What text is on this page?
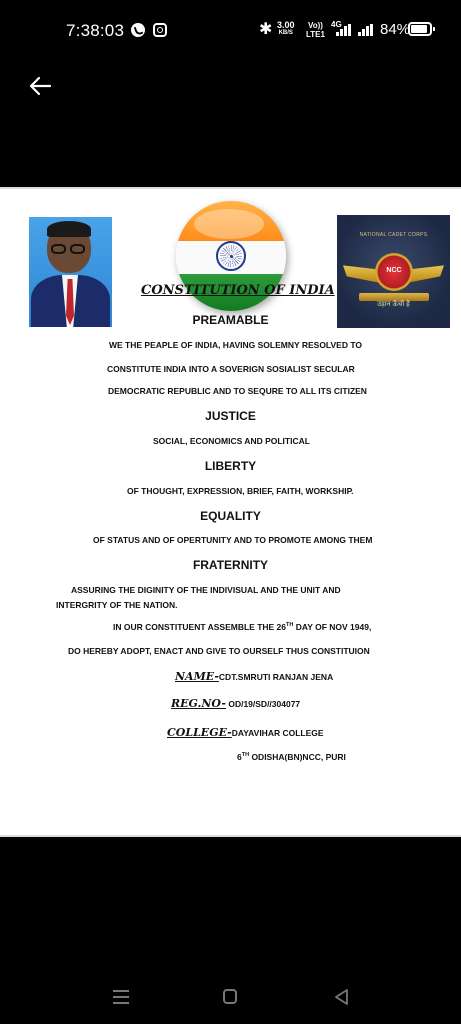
7:38:03	✱ 3.00
KB/S
Vo))
LTE1
4G	84%
NATIONAL CADET CORPS
NCC
उड़ान ऊँची है
CONSTITUTION OF INDIA
PREAMABLE
WE THE PEAPLE OF INDIA, HAVING SOLEMNY RESOLVED TO
CONSTITUTE INDIA INTO A SOVERIGN SOSIALIST SECULAR
DEMOCRATIC REPUBLIC AND TO SEQURE TO ALL ITS CITIZEN
JUSTICE
SOCIAL, ECONOMICS AND POLITICAL
LIBERTY
OF THOUGHT, EXPRESSION, BRIEF, FAITH, WORKSHIP.
EQUALITY
OF STATUS AND OF OPERTUNITY AND TO PROMOTE AMONG THEM
FRATERNITY
ASSURING THE DIGINITY OF THE INDIVISUAL AND THE UNIT AND
INTERGRITY OF THE NATION.
IN OUR CONSTITUENT ASSEMBLE THE 26TH DAY OF NOV 1949,
DO HEREBY ADOPT, ENACT AND GIVE TO OURSELF THUS CONSTITUION
NAME-CDT.SMRUTI RANJAN JENA
REG.NO- OD/19/SD//304077
COLLEGE-DAYAVIHAR COLLEGE
6TH ODISHA(BN)NCC, PURI
